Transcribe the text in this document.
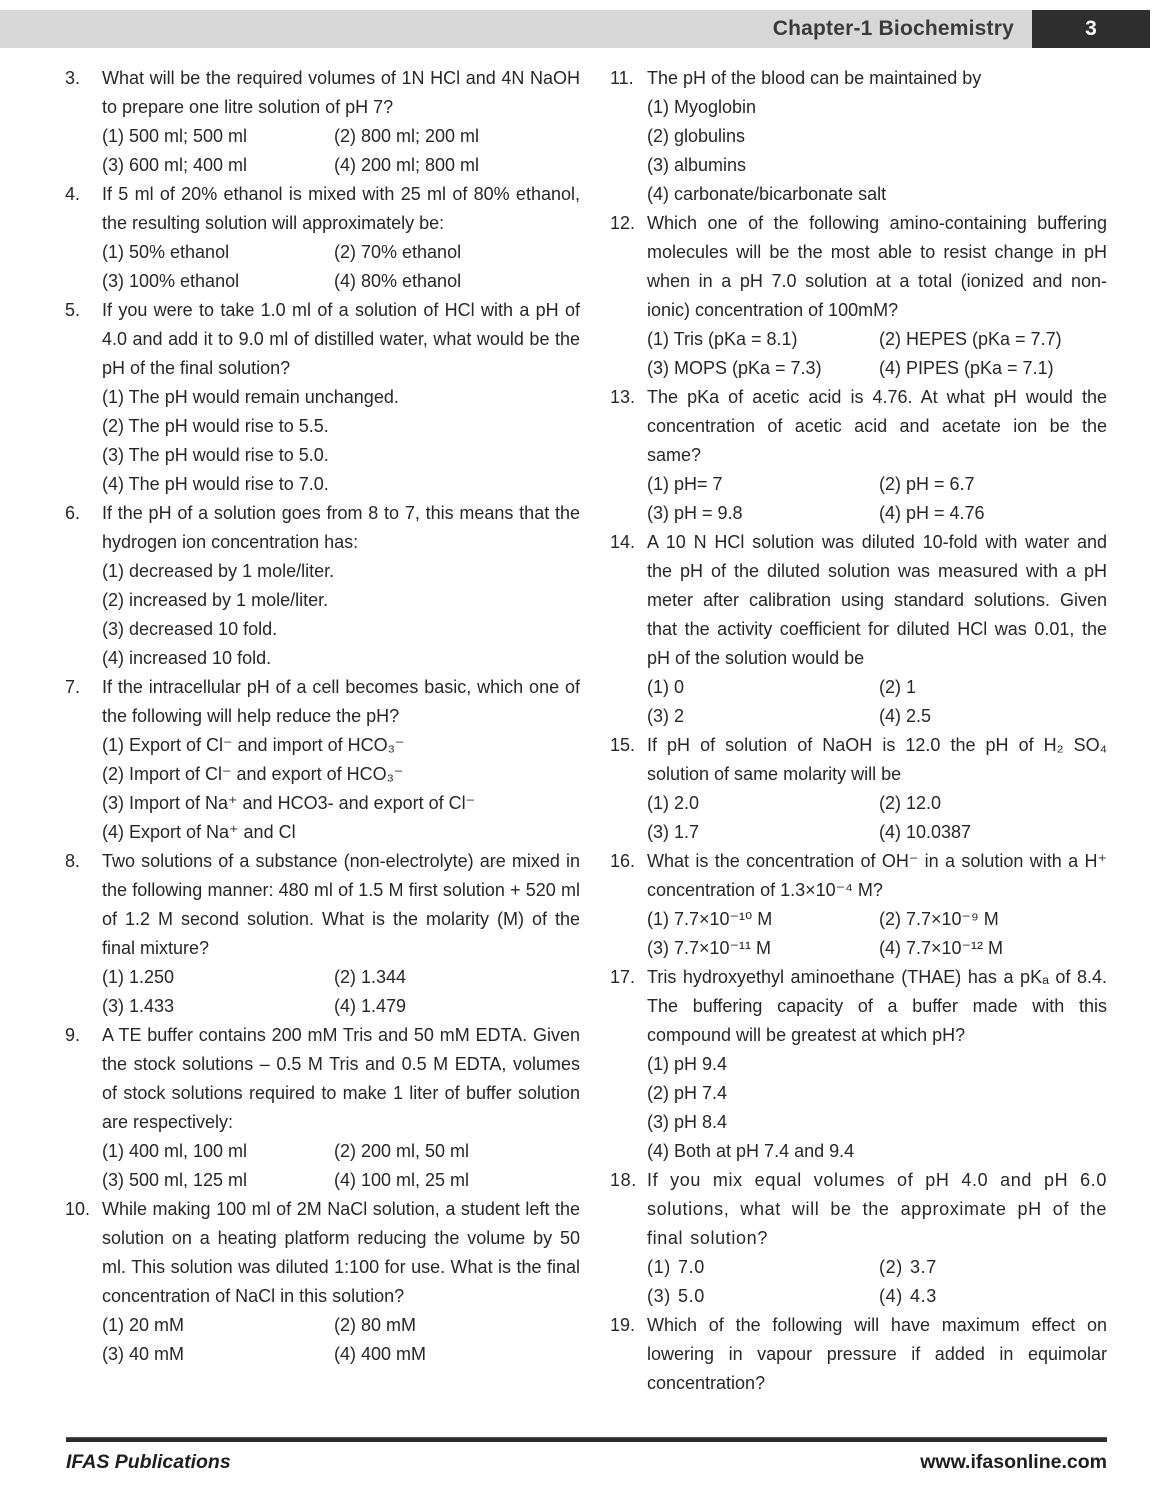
Chapter-1 Biochemistry	3
3.	What will be the required volumes of 1N HCl and 4N NaOH to prepare one litre solution of pH 7?
(1) 500 ml; 500 ml	(2) 800 ml; 200 ml
(3) 600 ml; 400 ml	(4) 200 ml; 800 ml
4.	If 5 ml of 20% ethanol is mixed with 25 ml of 80% ethanol, the resulting solution will approximately be:
(1) 50% ethanol	(2) 70% ethanol
(3) 100% ethanol	(4) 80% ethanol
5.	If you were to take 1.0 ml of a solution of HCl with a pH of 4.0 and add it to 9.0 ml of distilled water, what would be the pH of the final solution?
(1) The pH would remain unchanged.
(2) The pH would rise to 5.5.
(3) The pH would rise to 5.0.
(4) The pH would rise to 7.0.
6.	If the pH of a solution goes from 8 to 7, this means that the hydrogen ion concentration has:
(1) decreased by 1 mole/liter.
(2) increased by 1 mole/liter.
(3) decreased 10 fold.
(4) increased 10 fold.
7.	If the intracellular pH of a cell becomes basic, which one of the following will help reduce the pH?
(1) Export of Cl⁻ and import of HCO₃⁻
(2) Import of Cl⁻ and export of HCO₃⁻
(3) Import of Na⁺ and HCO3- and export of Cl⁻
(4) Export of Na⁺ and Cl
8.	Two solutions of a substance (non-electrolyte) are mixed in the following manner: 480 ml of 1.5 M first solution + 520 ml of 1.2 M second solution. What is the molarity (M) of the final mixture?
(1) 1.250	(2) 1.344
(3) 1.433	(4) 1.479
9.	A TE buffer contains 200 mM Tris and 50 mM EDTA. Given the stock solutions – 0.5 M Tris and 0.5 M EDTA, volumes of stock solutions required to make 1 liter of buffer solution are respectively:
(1) 400 ml, 100 ml	(2) 200 ml, 50 ml
(3) 500 ml, 125 ml	(4) 100 ml, 25 ml
10. While making 100 ml of 2M NaCl solution, a student left the solution on a heating platform reducing the volume by 50 ml. This solution was diluted 1:100 for use. What is the final concentration of NaCl in this solution?
(1) 20 mM	(2) 80 mM
(3) 40 mM	(4) 400 mM
11. The pH of the blood can be maintained by
(1) Myoglobin
(2) globulins
(3) albumins
(4) carbonate/bicarbonate salt
12. Which one of the following amino-containing buffering molecules will be the most able to resist change in pH when in a pH 7.0 solution at a total (ionized and non-ionic) concentration of 100mM?
(1) Tris (pKa = 8.1)	(2) HEPES (pKa = 7.7)
(3) MOPS (pKa = 7.3)	(4) PIPES (pKa = 7.1)
13. The pKa of acetic acid is 4.76. At what pH would the concentration of acetic acid and acetate ion be the same?
(1) pH= 7	(2) pH = 6.7
(3) pH = 9.8	(4) pH = 4.76
14. A 10 N HCl solution was diluted 10-fold with water and the pH of the diluted solution was measured with a pH meter after calibration using standard solutions. Given that the activity coefficient for diluted HCl was 0.01, the pH of the solution would be
(1) 0	(2) 1
(3) 2	(4) 2.5
15. If pH of solution of NaOH is 12.0 the pH of H₂ SO₄ solution of same molarity will be
(1) 2.0	(2) 12.0
(3) 1.7	(4) 10.0387
16. What is the concentration of OH⁻ in a solution with a H⁺ concentration of 1.3×10⁻⁴ M?
(1) 7.7×10⁻¹⁰ M	(2) 7.7×10⁻⁹ M
(3) 7.7×10⁻¹¹ M	(4) 7.7×10⁻¹² M
17. Tris hydroxyethyl aminoethane (THAE) has a pKₐ of 8.4. The buffering capacity of a buffer made with this compound will be greatest at which pH?
(1) pH 9.4
(2) pH 7.4
(3) pH 8.4
(4) Both at pH 7.4 and 9.4
18. If you mix equal volumes of pH 4.0 and pH 6.0 solutions, what will be the approximate pH of the final solution?
(1) 7.0	(2) 3.7
(3) 5.0	(4) 4.3
19. Which of the following will have maximum effect on lowering in vapour pressure if added in equimolar concentration?
IFAS Publications	www.ifasonline.com
